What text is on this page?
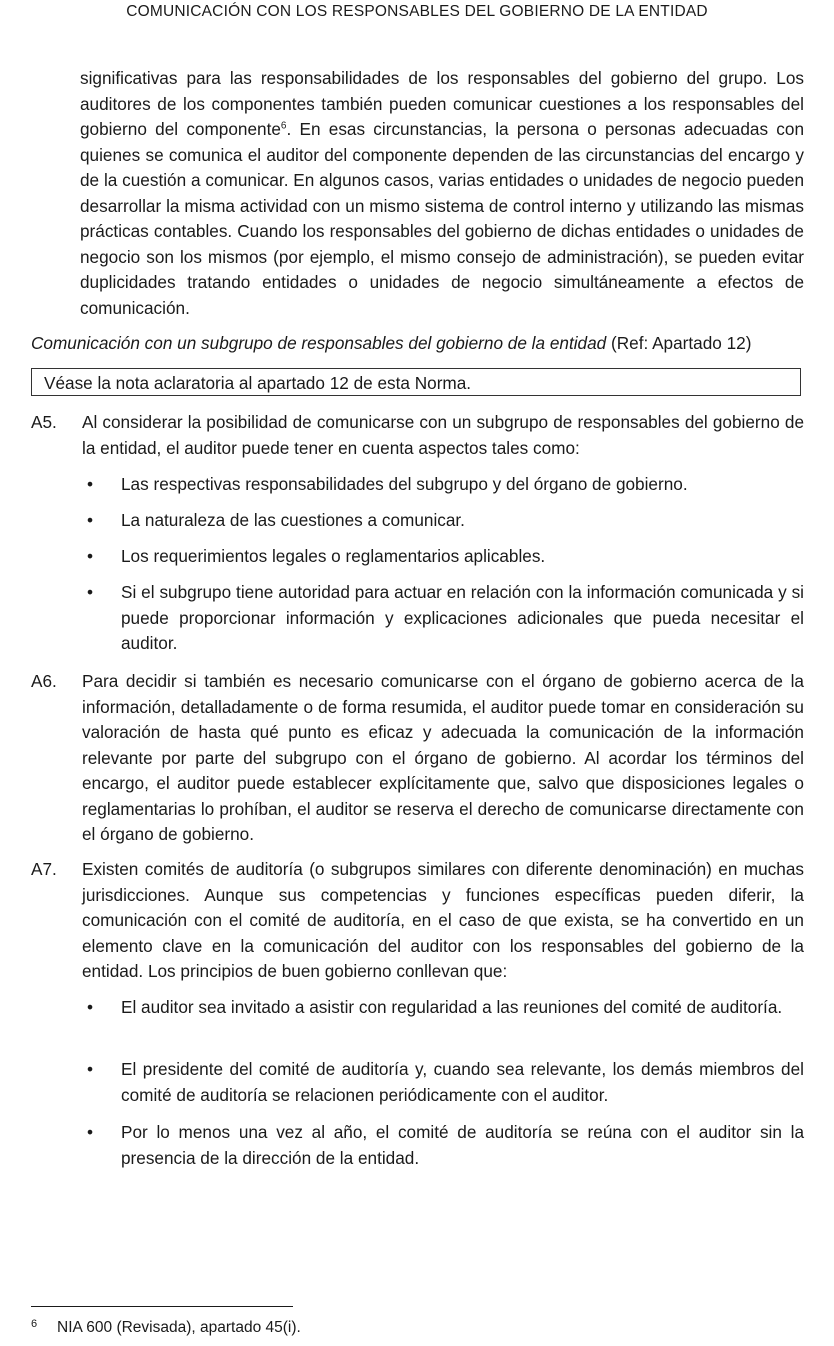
COMUNICACIÓN CON LOS RESPONSABLES DEL GOBIERNO DE LA ENTIDAD
significativas para las responsabilidades de los responsables del gobierno del grupo. Los auditores de los componentes también pueden comunicar cuestiones a los responsables del gobierno del componente$^6$. En esas circunstancias, la persona o personas adecuadas con quienes se comunica el auditor del componente dependen de las circunstancias del encargo y de la cuestión a comunicar. En algunos casos, varias entidades o unidades de negocio pueden desarrollar la misma actividad con un mismo sistema de control interno y utilizando las mismas prácticas contables. Cuando los responsables del gobierno de dichas entidades o unidades de negocio son los mismos (por ejemplo, el mismo consejo de administración), se pueden evitar duplicidades tratando entidades o unidades de negocio simultáneamente a efectos de comunicación.
Comunicación con un subgrupo de responsables del gobierno de la entidad (Ref: Apartado 12)
Véase la nota aclaratoria al apartado 12 de esta Norma.
A5. Al considerar la posibilidad de comunicarse con un subgrupo de responsables del gobierno de la entidad, el auditor puede tener en cuenta aspectos tales como:
• Las respectivas responsabilidades del subgrupo y del órgano de gobierno.
• La naturaleza de las cuestiones a comunicar.
• Los requerimientos legales o reglamentarios aplicables.
• Si el subgrupo tiene autoridad para actuar en relación con la información comunicada y si puede proporcionar información y explicaciones adicionales que pueda necesitar el auditor.
A6. Para decidir si también es necesario comunicarse con el órgano de gobierno acerca de la información, detalladamente o de forma resumida, el auditor puede tomar en consideración su valoración de hasta qué punto es eficaz y adecuada la comunicación de la información relevante por parte del subgrupo con el órgano de gobierno. Al acordar los términos del encargo, el auditor puede establecer explícitamente que, salvo que disposiciones legales o reglamentarias lo prohíban, el auditor se reserva el derecho de comunicarse directamente con el órgano de gobierno.
A7. Existen comités de auditoría (o subgrupos similares con diferente denominación) en muchas jurisdicciones. Aunque sus competencias y funciones específicas pueden diferir, la comunicación con el comité de auditoría, en el caso de que exista, se ha convertido en un elemento clave en la comunicación del auditor con los responsables del gobierno de la entidad. Los principios de buen gobierno conllevan que:
• El auditor sea invitado a asistir con regularidad a las reuniones del comité de auditoría.
• El presidente del comité de auditoría y, cuando sea relevante, los demás miembros del comité de auditoría se relacionen periódicamente con el auditor.
• Por lo menos una vez al año, el comité de auditoría se reúna con el auditor sin la presencia de la dirección de la entidad.
6 NIA 600 (Revisada), apartado 45(i).
